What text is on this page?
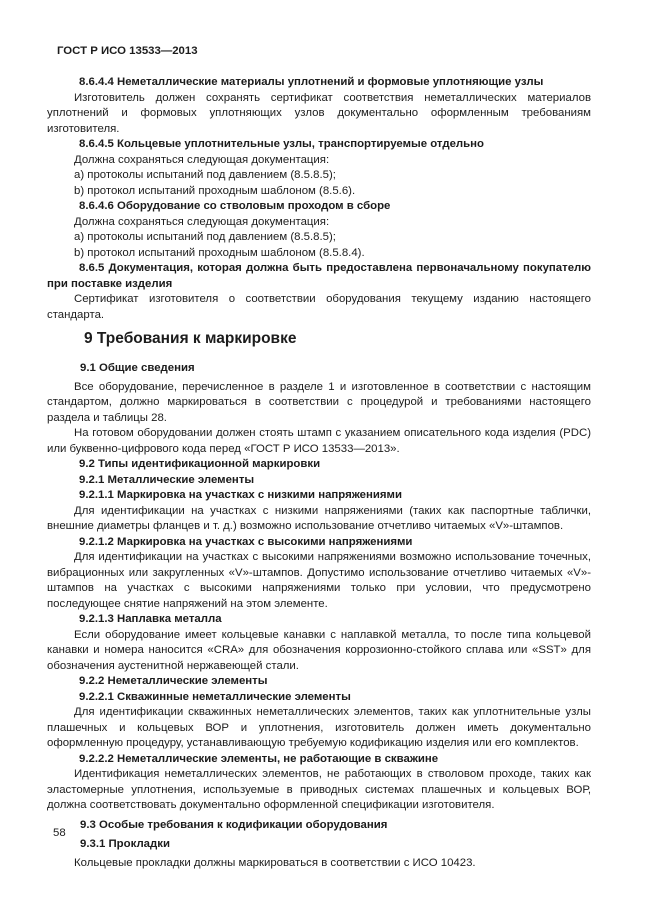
ГОСТ Р ИСО 13533—2013

8.6.4.4 Неметаллические материалы уплотнений и формовые уплотняющие узлы

Изготовитель должен сохранять сертификат соответствия неметаллических материалов уплотнений и формовых уплотняющих узлов документально оформленным требованиям изготовителя.

8.6.4.5 Кольцевые уплотнительные узлы, транспортируемые отдельно

Должна сохраняться следующая документация:

a) протоколы испытаний под давлением (8.5.8.5);

b) протокол испытаний проходным шаблоном (8.5.6).

8.6.4.6 Оборудование со стволовым проходом в сборе

Должна сохраняться следующая документация:

a) протоколы испытаний под давлением (8.5.8.5);

b) протокол испытаний проходным шаблоном (8.5.8.4).

8.6.5 Документация, которая должна быть предоставлена первоначальному покупателю при поставке изделия

Сертификат изготовителя о соответствии оборудования текущему изданию настоящего стандарта.

9 Требования к маркировке
9.1 Общие сведения

Все оборудование, перечисленное в разделе 1 и изготовленное в соответствии с настоящим стандартом, должно маркироваться в соответствии с процедурой и требованиями настоящего раздела и таблицы 28.

На готовом оборудовании должен стоять штамп с указанием описательного кода изделия (PDC) или буквенно-цифрового кода перед «ГОСТ Р ИСО 13533—2013».

9.2 Типы идентификационной маркировки

9.2.1 Металлические элементы

9.2.1.1 Маркировка на участках с низкими напряжениями

Для идентификации на участках с низкими напряжениями (таких как паспортные таблички, внешние диаметры фланцев и т. д.) возможно использование отчетливо читаемых «V»-штампов.

9.2.1.2 Маркировка на участках с высокими напряжениями

Для идентификации на участках с высокими напряжениями возможно использование точечных, вибрационных или закругленных «V»-штампов. Допустимо использование отчетливо читаемых «V»-штампов на участках с высокими напряжениями только при условии, что предусмотрено последующее снятие напряжений на этом элементе.

9.2.1.3 Наплавка металла

Если оборудование имеет кольцевые канавки с наплавкой металла, то после типа кольцевой канавки и номера наносится «CRA» для обозначения коррозионно-стойкого сплава или «SST» для обозначения аустенитной нержавеющей стали.

9.2.2 Неметаллические элементы

9.2.2.1 Скважинные неметаллические элементы

Для идентификации скважинных неметаллических элементов, таких как уплотнительные узлы плашечных и кольцевых ВОР и уплотнения, изготовитель должен иметь документально оформленную процедуру, устанавливающую требуемую кодификацию изделия или его комплектов.

9.2.2.2 Неметаллические элементы, не работающие в скважине

Идентификация неметаллических элементов, не работающих в стволовом проходе, таких как эластомерные уплотнения, используемые в приводных системах плашечных и кольцевых ВОР, должна соответствовать документально оформленной спецификации изготовителя.

9.3 Особые требования к кодификации оборудования
9.3.1 Прокладки

Кольцевые прокладки должны маркироваться в соответствии с ИСО 10423.

58
